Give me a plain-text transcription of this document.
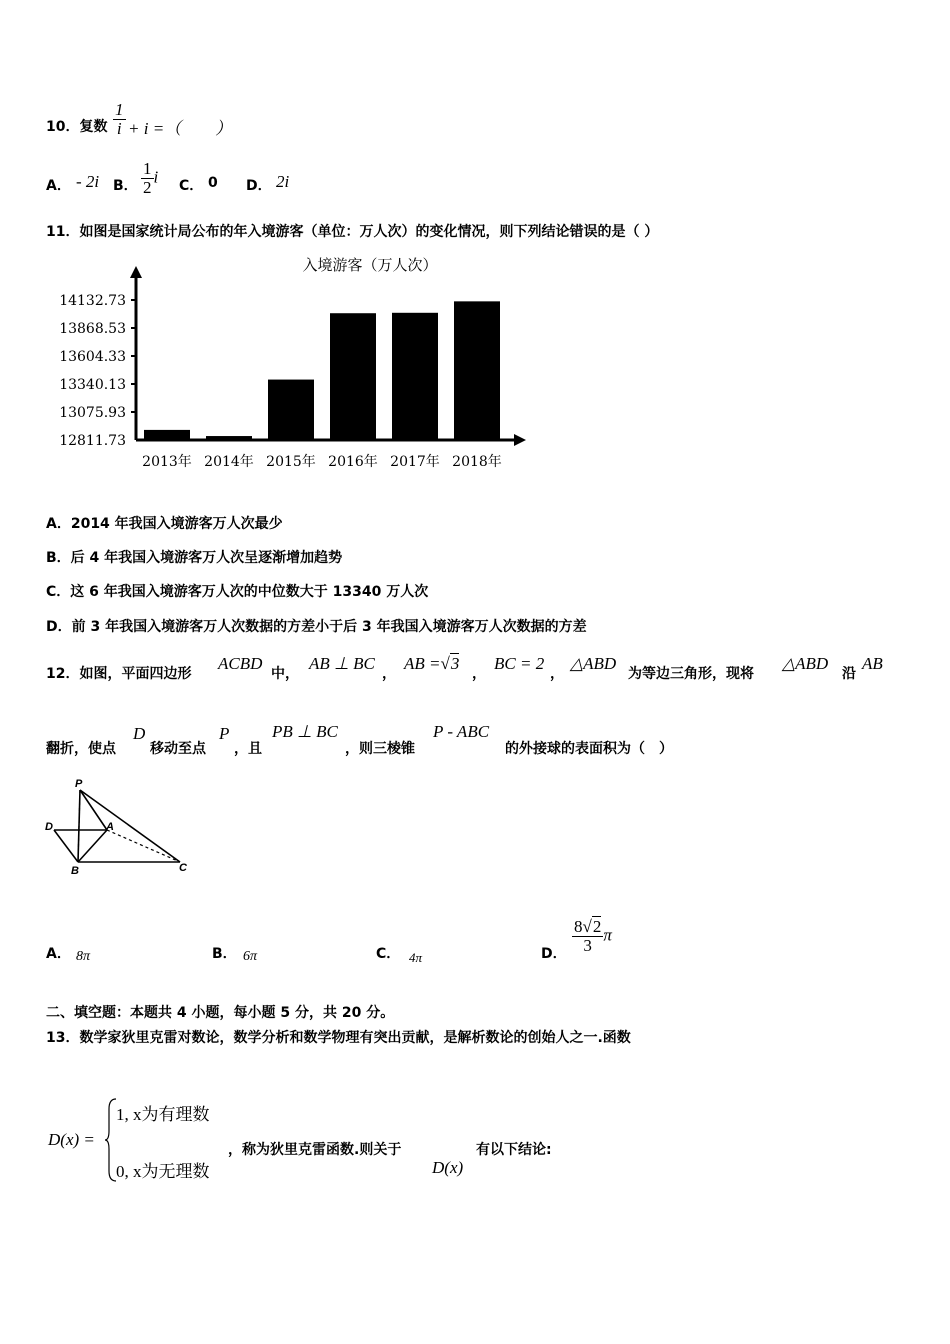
10．复数 $\frac{1}{i} + i$ =（　　）
A． - 2i B． $\frac{1}{2}$ i C． 0 D． 2i
11．如图是国家统计局公布的年入境游客（单位：万人次）的变化情况，则下列结论错误的是（ ）
入境游客（万人次）
12811.73
13075.93
13340.13
13604.33
13868.53
14132.73
2013年 2014年 2015年 2016年 2017年 2018年
A．2014 年我国入境游客万人次最少
B．后 4 年我国入境游客万人次呈逐渐增加趋势
C．这 6 年我国入境游客万人次的中位数大于 13340 万人次
D．前 3 年我国入境游客万人次数据的方差小于后 3 年我国入境游客万人次数据的方差
12．如图，平面四边形
ACBD
中，
AB ⊥ BC
，
AB =√3
，
BC = 2
，
△ABD
为等边三角形，现将
△ABD
沿
AB
翻折，使点
D
移动至点
P
，且
PB ⊥ BC
，则三棱锥
P - ABC
的外接球的表面积为（　）
P
D	A
B	C
A． 8π	B． 6π	C． 4π	D． $\frac{8√2}{3}$ π
二、填空题：本题共 4 小题，每小题 5 分，共 20 分。
13．数学家狄里克雷对数论，数学分析和数学物理有突出贡献，是解析数论的创始人之一.函数
D(x) =
1, x为有理数
0, x为无理数
，称为狄里克雷函数.则关于
D(x)
有以下结论:
